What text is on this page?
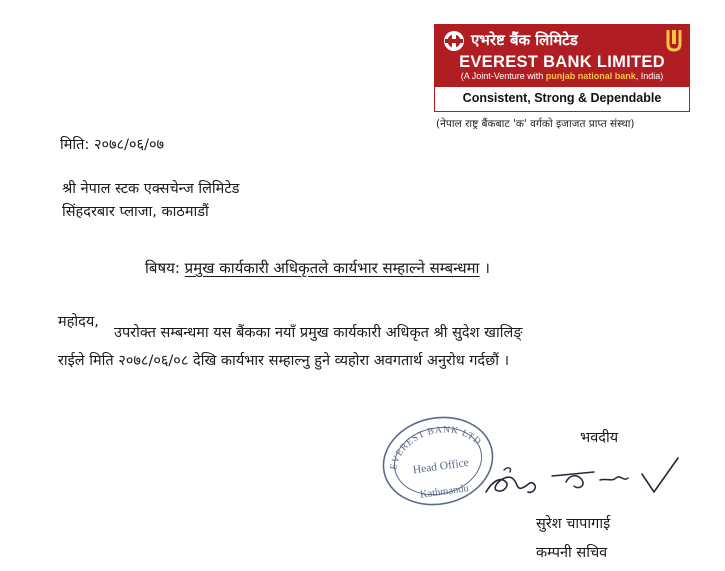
एभरेष्ट बैंक लिमिटेड
EVEREST BANK LIMITED
(A Joint-Venture with punjab national bank, India)
Consistent, Strong & Dependable
(नेपाल राष्ट्र बैंकबाट 'क' वर्गको इजाजत प्राप्त संस्था)
मिति: २०७८/०६/०७
श्री नेपाल स्टक एक्सचेन्ज लिमिटेड
सिंहदरबार प्लाजा, काठमाडौं
बिषय: प्रमुख कार्यकारी अधिकृतले कार्यभार सम्हाल्ने सम्बन्धमा ।
महोदय,
उपरोक्त सम्बन्धमा यस बैंकका नयाँ प्रमुख कार्यकारी अधिकृत श्री सुदेश खालिङ्
राईले मिति २०७८/०६/०८ देखि कार्यभार सम्हाल्नु हुने व्यहोरा अवगतार्थ अनुरोध गर्दछौं ।
भवदीय
EVEREST BANK LTD.
Head Office
Kathmandu
सुरेश चापागाई
कम्पनी सचिव
